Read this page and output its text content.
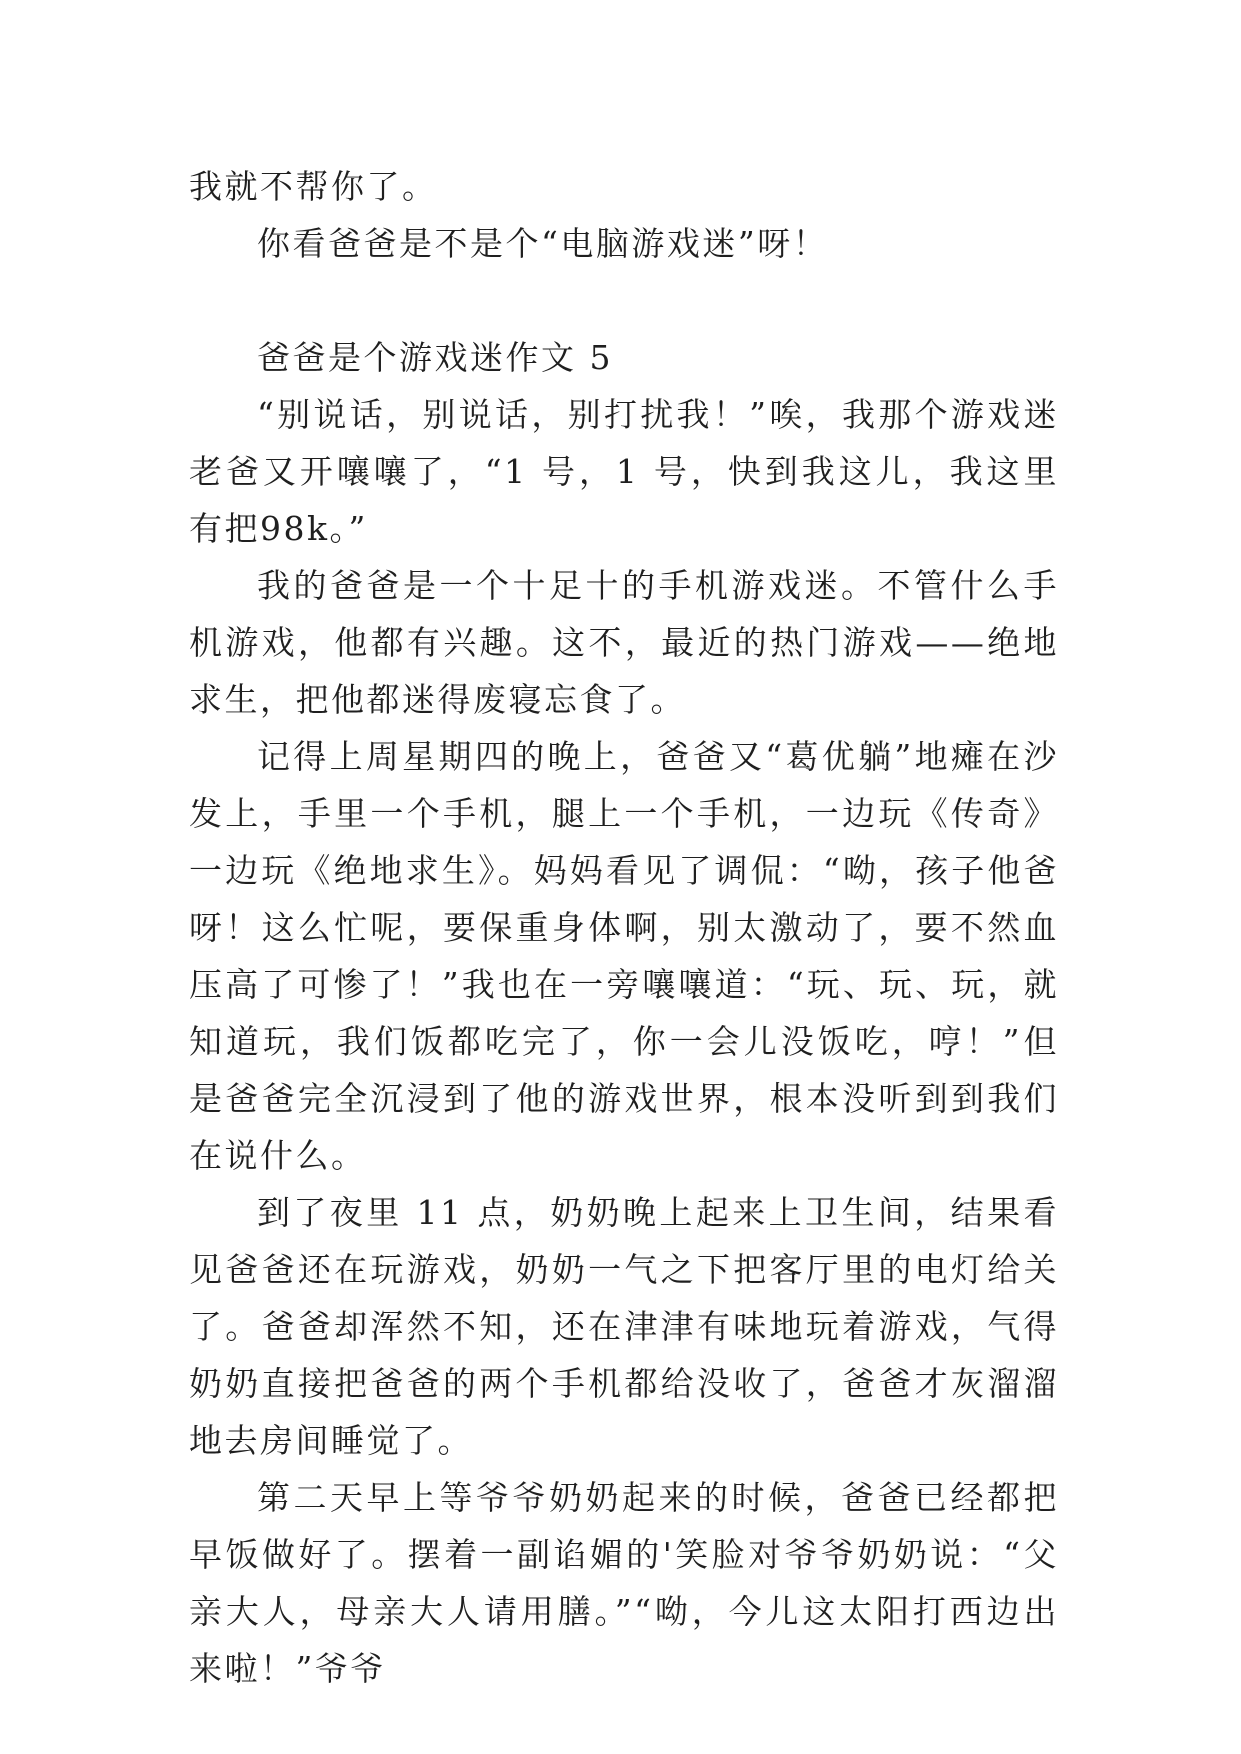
我就不帮你了。

你看爸爸是不是个“电脑游戏迷”呀！

爸爸是个游戏迷作文 5

“别说话，别说话，别打扰我！”唉，我那个游戏迷老爸又开嚷嚷了，“1 号，1 号，快到我这儿，我这里有把98k。”

我的爸爸是一个十足十的手机游戏迷。不管什么手机游戏，他都有兴趣。这不，最近的热门游戏——绝地求生，把他都迷得废寝忘食了。

记得上周星期四的晚上，爸爸又“葛优躺”地瘫在沙发上，手里一个手机，腿上一个手机，一边玩《传奇》一边玩《绝地求生》。妈妈看见了调侃：“呦，孩子他爸呀！这么忙呢，要保重身体啊，别太激动了，要不然血压高了可惨了！”我也在一旁嚷嚷道：“玩、玩、玩，就知道玩，我们饭都吃完了，你一会儿没饭吃，哼！”但是爸爸完全沉浸到了他的游戏世界，根本没听到到我们在说什么。

到了夜里 11 点，奶奶晚上起来上卫生间，结果看见爸爸还在玩游戏，奶奶一气之下把客厅里的电灯给关了。爸爸却浑然不知，还在津津有味地玩着游戏，气得奶奶直接把爸爸的两个手机都给没收了，爸爸才灰溜溜地去房间睡觉了。

第二天早上等爷爷奶奶起来的时候，爸爸已经都把早饭做好了。摆着一副谄媚的'笑脸对爷爷奶奶说：“父亲大人，母亲大人请用膳。”“呦，今儿这太阳打西边出来啦！”爷爷
